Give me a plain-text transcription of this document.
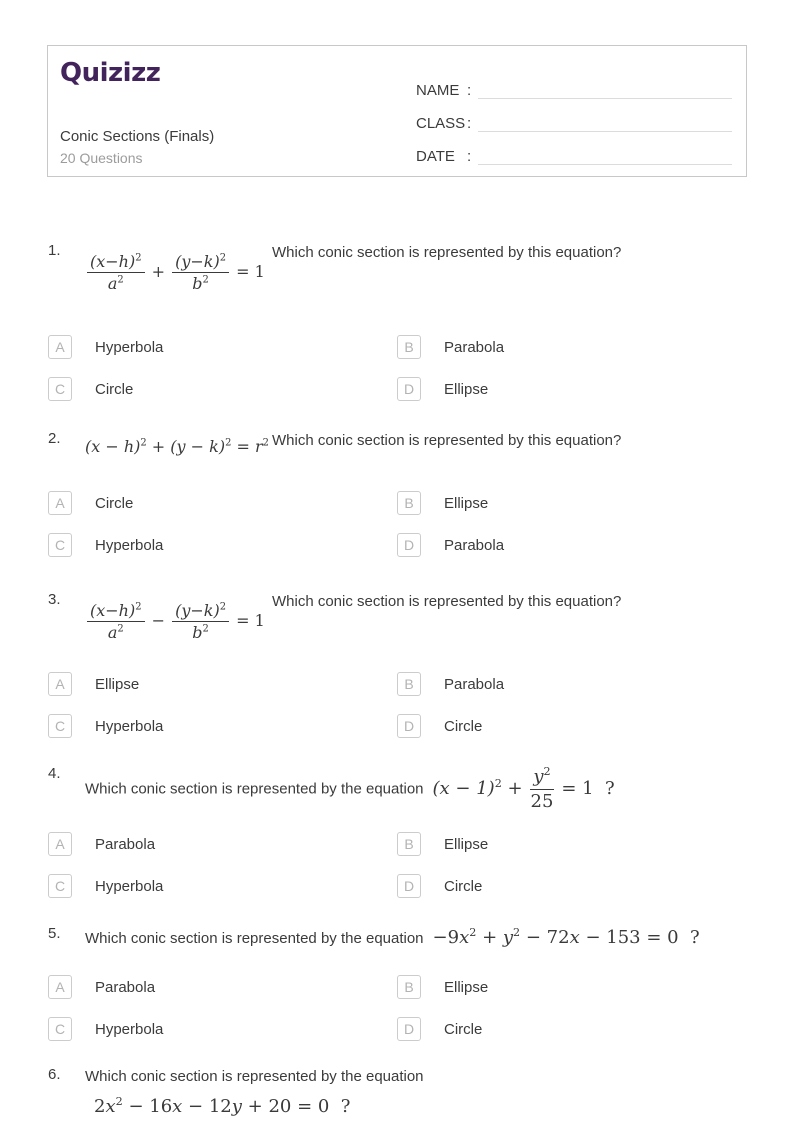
Quizizz
Conic Sections (Finals)
20 Questions
NAME :
CLASS :
DATE :
1.
$\frac{(x-h)^2}{a^2} + \frac{(y-k)^2}{b^2} = 1$
Which conic section is represented by this equation?
A	Hyperbola	B	Parabola
C	Circle	D	Ellipse
2.	$(x - h)^2 + (y - k)^2 = r^2$ Which conic section is represented by this equation?
A	Circle	B	Ellipse
C	Hyperbola	D	Parabola
3.
$\frac{(x-h)^2}{a^2} - \frac{(y-k)^2}{b^2} = 1$
Which conic section is represented by this equation?
A	Ellipse	B	Parabola
C	Hyperbola	D	Circle
4.
Which conic section is represented by the equation $(x - 1)^2 + \frac{y^2}{25} = 1$  ?
A	Parabola	B	Ellipse
C	Hyperbola	D	Circle
5.	Which conic section is represented by the equation $-9x^2 + y^2 - 72x - 153 = 0$  ?
A	Parabola	B	Ellipse
C	Hyperbola	D	Circle
6.	Which conic section is represented by the equation
$2x^2 - 16x - 12y + 20 = 0$  ?
